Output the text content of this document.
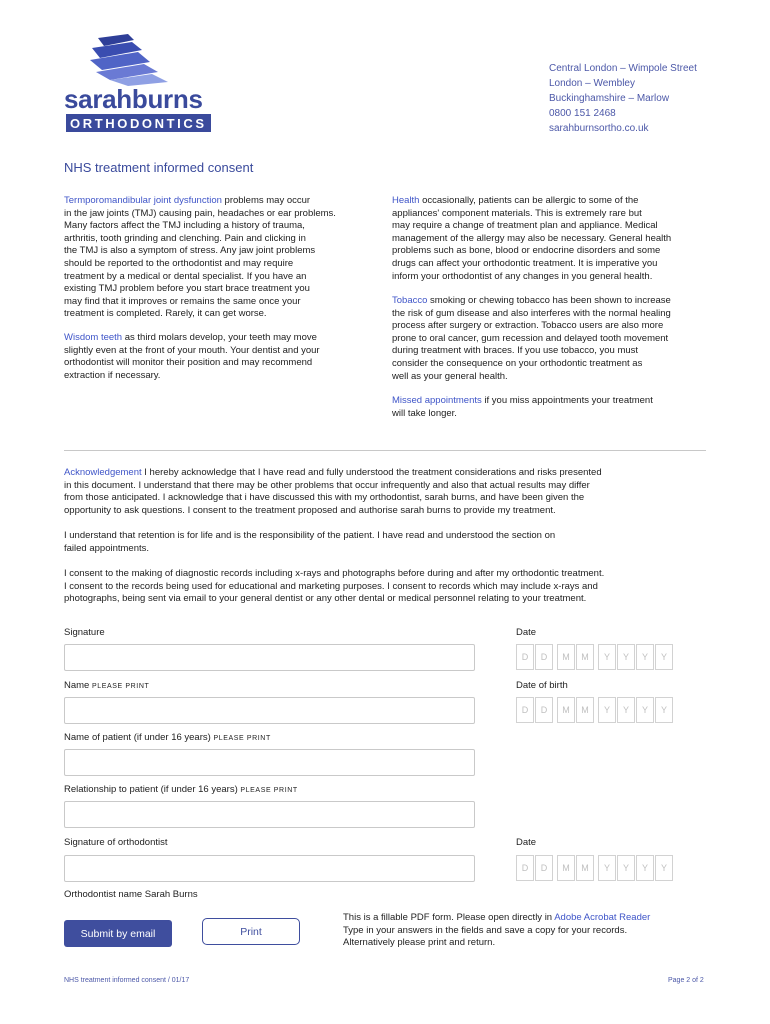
sarahburns
ORTHODONTICS
Central London – Wimpole Street
London – Wembley
Buckinghamshire – Marlow
0800 151 2468
sarahburnsortho.co.uk
NHS treatment informed consent
Termporomandibular joint dysfunction problems may occur
in the jaw joints (TMJ) causing pain, headaches or ear problems.
Many factors affect the TMJ including a history of trauma,
arthritis, tooth grinding and clenching. Pain and clicking in
the TMJ is also a symptom of stress. Any jaw joint problems
should be reported to the orthodontist and may require
treatment by a medical or dental specialist. If you have an
existing TMJ problem before you start brace treatment you
may find that it improves or remains the same once your
treatment is completed. Rarely, it can get worse.
Wisdom teeth as third molars develop, your teeth may move
slightly even at the front of your mouth. Your dentist and your
orthodontist will monitor their position and may recommend
extraction if necessary.
Health occasionally, patients can be allergic to some of the
appliances' component materials. This is extremely rare but
may require a change of treatment plan and appliance. Medical
management of the allergy may also be necessary. General health
problems such as bone, blood or endocrine disorders and some
drugs can affect your orthodontic treatment. It is imperative you
inform your orthodontist of any changes in you general health.
Tobacco smoking or chewing tobacco has been shown to increase
the risk of gum disease and also interferes with the normal healing
process after surgery or extraction. Tobacco users are also more
prone to oral cancer, gum recession and delayed tooth movement
during treatment with braces. If you use tobacco, you must
consider the consequence on your orthodontic treatment as
well as your general health.
Missed appointments if you miss appointments your treatment
will take longer.
Acknowledgement I hereby acknowledge that I have read and fully understood the treatment considerations and risks presented
in this document. I understand that there may be other problems that occur infrequently and also that actual results may differ
from those anticipated. I acknowledge that i have discussed this with my orthodontist, sarah burns, and have been given the
opportunity to ask questions. I consent to the treatment proposed and authorise sarah burns to provide my treatment.
I understand that retention is for life and is the responsibility of the patient. I have read and understood the section on
failed appointments.
I consent to the making of diagnostic records including x-rays and photographs before during and after my orthodontic treatment.
I consent to the records being used for educational and marketing purposes. I consent to records which may include x-rays and
photographs, being sent via email to your general dentist or any other dental or medical personnel relating to your treatment.
Signature	Date
D	D	M	M	Y	Y	Y	Y
Name PLEASE PRINT	Date of birth
D	D	M	M	Y	Y	Y	Y
Name of patient (if under 16 years) PLEASE PRINT
Relationship to patient (if under 16 years) PLEASE PRINT
Signature of orthodontist	Date
D	D	M	M	Y	Y	Y	Y
Orthodontist name Sarah Burns
Submit by email	Print
This is a fillable PDF form. Please open directly in Adobe Acrobat Reader
Type in your answers in the fields and save a copy for your records.
Alternatively please print and return.
NHS treatment informed consent / 01/17	Page 2 of 2
